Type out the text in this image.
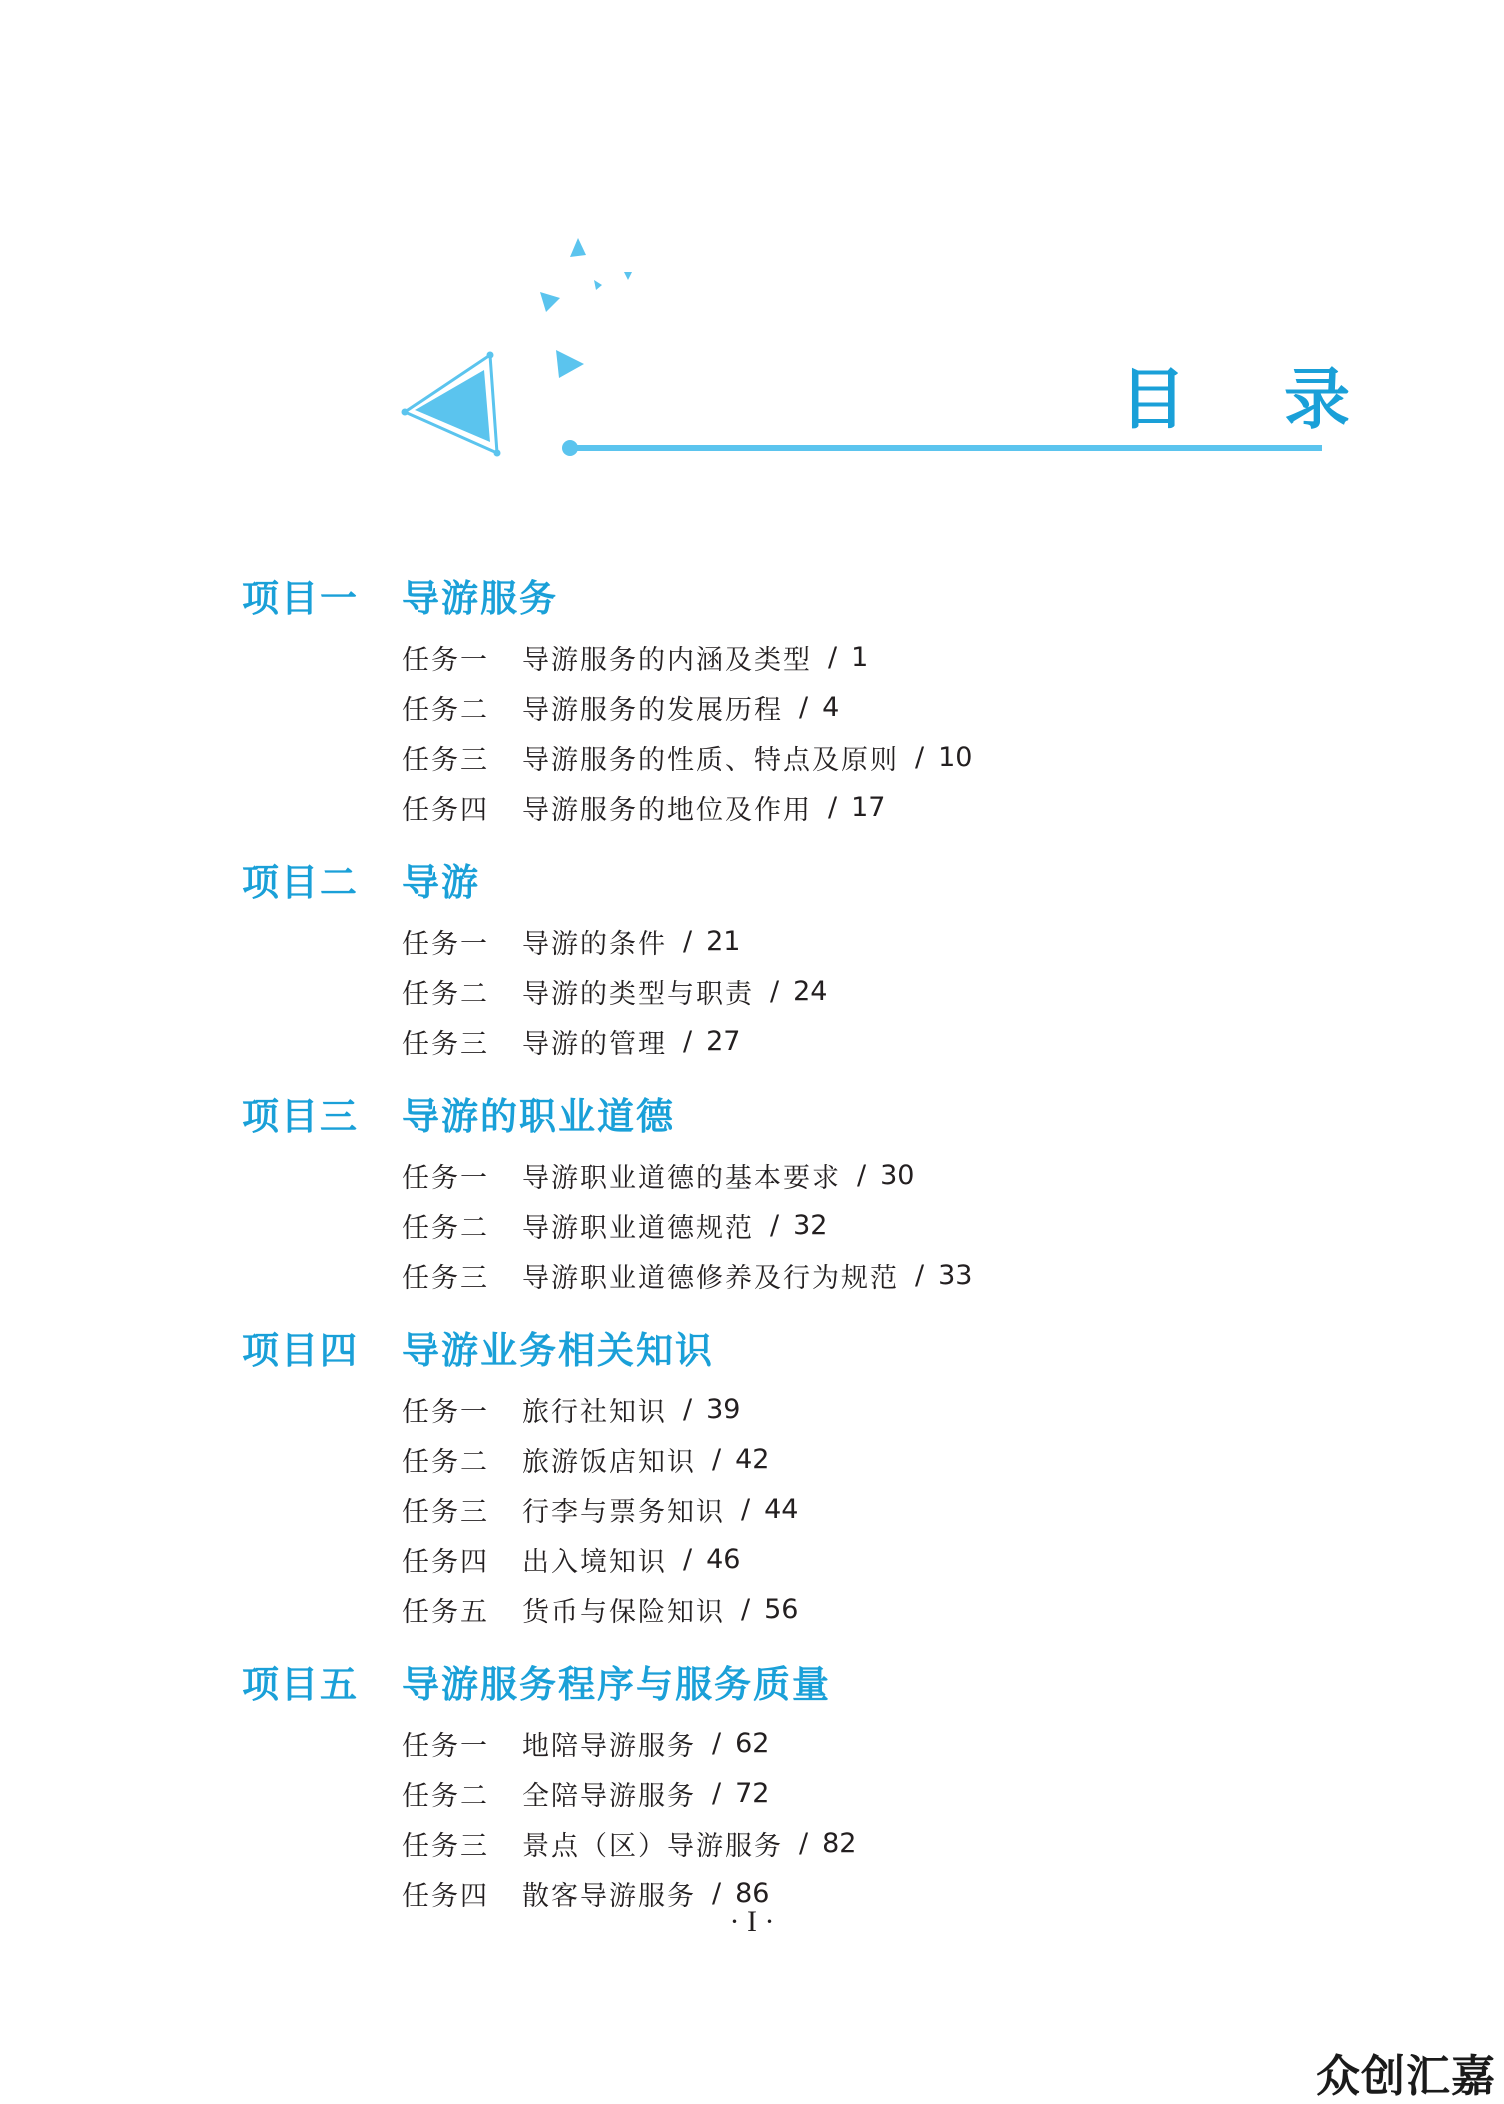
目 录
项目一	导游服务
任务一	导游服务的内涵及类型 / 1
任务二	导游服务的发展历程 / 4
任务三	导游服务的性质、特点及原则 / 10
任务四	导游服务的地位及作用 / 17
项目二	导游
任务一	导游的条件 / 21
任务二	导游的类型与职责 / 24
任务三	导游的管理 / 27
项目三	导游的职业道德
任务一	导游职业道德的基本要求 / 30
任务二	导游职业道德规范 / 32
任务三	导游职业道德修养及行为规范 / 33
项目四	导游业务相关知识
任务一	旅行社知识 / 39
任务二	旅游饭店知识 / 42
任务三	行李与票务知识 / 44
任务四	出入境知识 / 46
任务五	货币与保险知识 / 56
项目五	导游服务程序与服务质量
任务一	地陪导游服务 / 62
任务二	全陪导游服务 / 72
任务三	景点（区）导游服务 / 82
任务四	散客导游服务 / 86
· I ·
众创汇嘉
